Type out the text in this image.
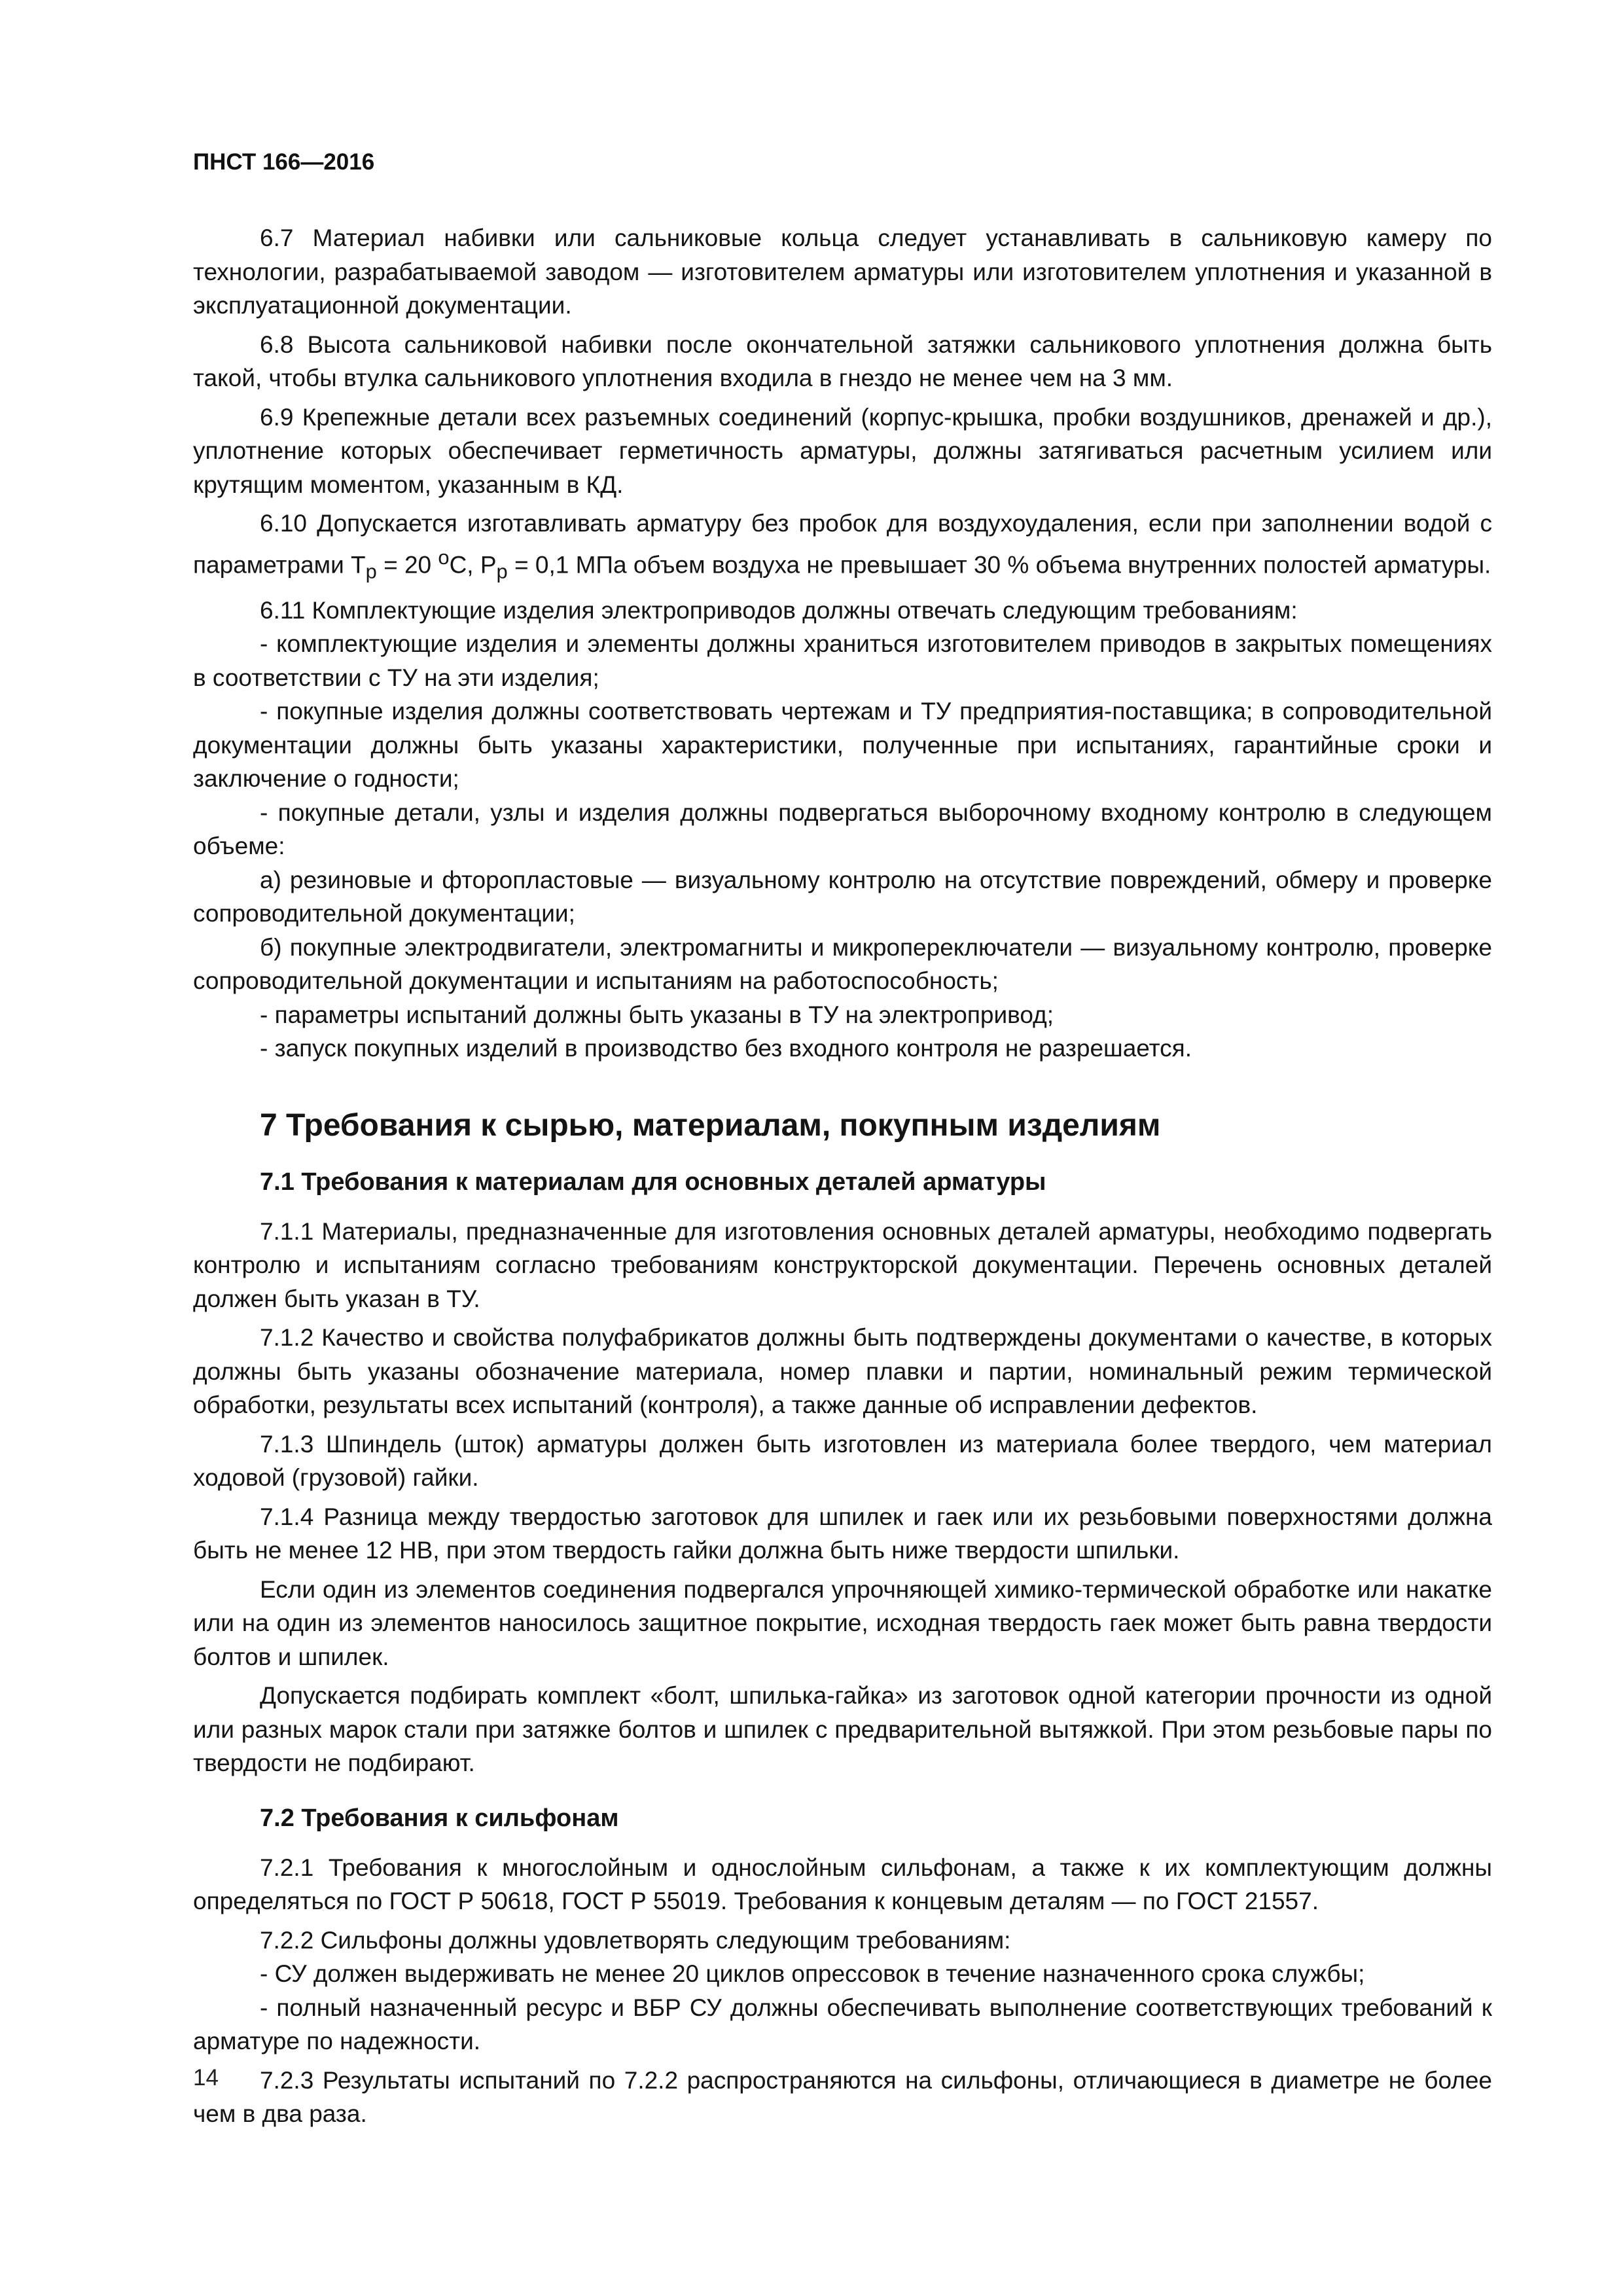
ПНСТ 166—2016

6.7 Материал набивки или сальниковые кольца следует устанавливать в сальниковую камеру по технологии, разрабатываемой заводом — изготовителем арматуры или изготовителем уплотнения и указанной в эксплуатационной документации.

6.8 Высота сальниковой набивки после окончательной затяжки сальникового уплотнения должна быть такой, чтобы втулка сальникового уплотнения входила в гнездо не менее чем на 3 мм.

6.9 Крепежные детали всех разъемных соединений (корпус-крышка, пробки воздушников, дренажей и др.), уплотнение которых обеспечивает герметичность арматуры, должны затягиваться расчетным усилием или крутящим моментом, указанным в КД.

6.10 Допускается изготавливать арматуру без пробок для воздухоудаления, если при заполнении водой с параметрами $T_р = 20$ $^о$С, $Р_р = 0,1$ МПа объем воздуха не превышает 30 % объема внутренних полостей арматуры.

6.11 Комплектующие изделия электроприводов должны отвечать следующим требованиям:

- комплектующие изделия и элементы должны храниться изготовителем приводов в закрытых помещениях в соответствии с ТУ на эти изделия;

- покупные изделия должны соответствовать чертежам и ТУ предприятия-поставщика; в сопроводительной документации должны быть указаны характеристики, полученные при испытаниях, гарантийные сроки и заключение о годности;

- покупные детали, узлы и изделия должны подвергаться выборочному входному контролю в следующем объеме:

а) резиновые и фторопластовые — визуальному контролю на отсутствие повреждений, обмеру и проверке сопроводительной документации;

б) покупные электродвигатели, электромагниты и микропереключатели — визуальному контролю, проверке сопроводительной документации и испытаниям на работоспособность;

- параметры испытаний должны быть указаны в ТУ на электропривод;

- запуск покупных изделий в производство без входного контроля не разрешается.

7 Требования к сырью, материалам, покупным изделиям
7.1 Требования к материалам для основных деталей арматуры

7.1.1 Материалы, предназначенные для изготовления основных деталей арматуры, необходимо подвергать контролю и испытаниям согласно требованиям конструкторской документации. Перечень основных деталей должен быть указан в ТУ.

7.1.2 Качество и свойства полуфабрикатов должны быть подтверждены документами о качестве, в которых должны быть указаны обозначение материала, номер плавки и партии, номинальный режим термической обработки, результаты всех испытаний (контроля), а также данные об исправлении дефектов.

7.1.3 Шпиндель (шток) арматуры должен быть изготовлен из материала более твердого, чем материал ходовой (грузовой) гайки.

7.1.4 Разница между твердостью заготовок для шпилек и гаек или их резьбовыми поверхностями должна быть не менее 12 НВ, при этом твердость гайки должна быть ниже твердости шпильки.

Если один из элементов соединения подвергался упрочняющей химико-термической обработке или накатке или на один из элементов наносилось защитное покрытие, исходная твердость гаек может быть равна твердости болтов и шпилек.

Допускается подбирать комплект «болт, шпилька-гайка» из заготовок одной категории прочности из одной или разных марок стали при затяжке болтов и шпилек с предварительной вытяжкой. При этом резьбовые пары по твердости не подбирают.

7.2 Требования к сильфонам

7.2.1 Требования к многослойным и однослойным сильфонам, а также к их комплектующим должны определяться по ГОСТ Р 50618, ГОСТ Р 55019. Требования к концевым деталям — по ГОСТ 21557.

7.2.2 Сильфоны должны удовлетворять следующим требованиям:

- СУ должен выдерживать не менее 20 циклов опрессовок в течение назначенного срока службы;

- полный назначенный ресурс и ВБР СУ должны обеспечивать выполнение соответствующих требований к арматуре по надежности.

7.2.3 Результаты испытаний по 7.2.2 распространяются на сильфоны, отличающиеся в диаметре не более чем в два раза.

14
